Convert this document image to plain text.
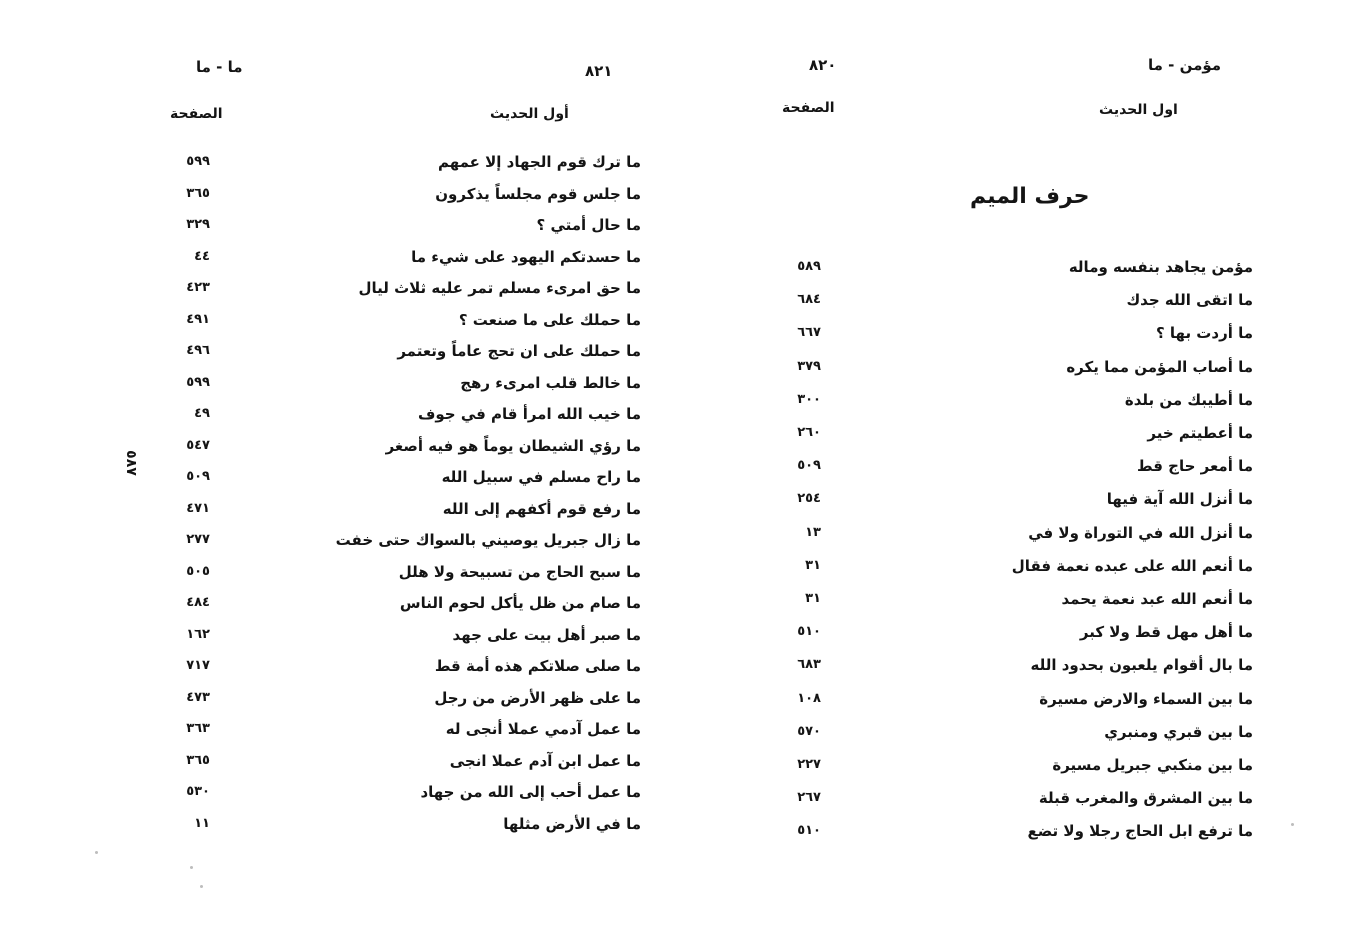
ما - ما	٨٢١
أول الحديث
الصفحة
٥٨٧
ما ترك قوم الجهاد إلا عمهم
٥٩٩
ما جلس قوم مجلساً يذكرون
٣٦٥
ما حال أمتي ؟
٣٢٩
ما حسدتكم اليهود على شيء ما
٤٤
ما حق امرىء مسلم تمر عليه ثلاث ليال
٤٢٣
ما حملك على ما صنعت ؟
٤٩١
ما حملك على ان تحج عاماً وتعتمر
٤٩٦
ما خالط قلب امرىء رهج
٥٩٩
ما خيب الله امرأ قام في جوف
٤٩
ما رؤي الشيطان يوماً هو فيه أصغر
٥٤٧
ما راح مسلم في سبيل الله
٥٠٩
ما رفع قوم أكفهم إلى الله
٤٧١
ما زال جبريل يوصيني بالسواك حتى خفت
٢٧٧
ما سبح الحاج من تسبيحة ولا هلل
٥٠٥
ما صام من ظل يأكل لحوم الناس
٤٨٤
ما صبر أهل بيت على جهد
١٦٢
ما صلى صلاتكم هذه أمة قط
٧١٧
ما على ظهر الأرض من رجل
٤٧٣
ما عمل آدمي عملا أنجى له
٣٦٣
ما عمل ابن آدم عملا انجى
٣٦٥
ما عمل أحب إلى الله من جهاد
٥٣٠
ما في الأرض مثلها
١١
مؤمن - ما
٨٢٠
اول الحديث
الصفحة
حرف الميم
مؤمن يجاهد بنفسه وماله
٥٨٩
ما اتقى الله جدك
٦٨٤
ما أردت بها ؟
٦٦٧
ما أصاب المؤمن مما يكره
٣٧٩
ما أطيبك من بلدة
٣٠٠
ما أعطيتم خير
٢٦٠
ما أمعر حاج قط
٥٠٩
ما أنزل الله آية فيها
٢٥٤
ما أنزل الله في التوراة ولا في
١٣
ما أنعم الله على عبده نعمة فقال
٣١
ما أنعم الله عبد نعمة يحمد
٣١
ما أهل مهل قط ولا كبر
٥١٠
ما بال أقوام يلعبون بحدود الله
٦٨٣
ما بين السماء والارض مسيرة
١٠٨
ما بين قبري ومنبري
٥٧٠
ما بين منكبي جبريل مسيرة
٢٢٧
ما بين المشرق والمغرب قبلة
٢٦٧
ما ترفع ابل الحاج رجلا ولا تضع
٥١٠
